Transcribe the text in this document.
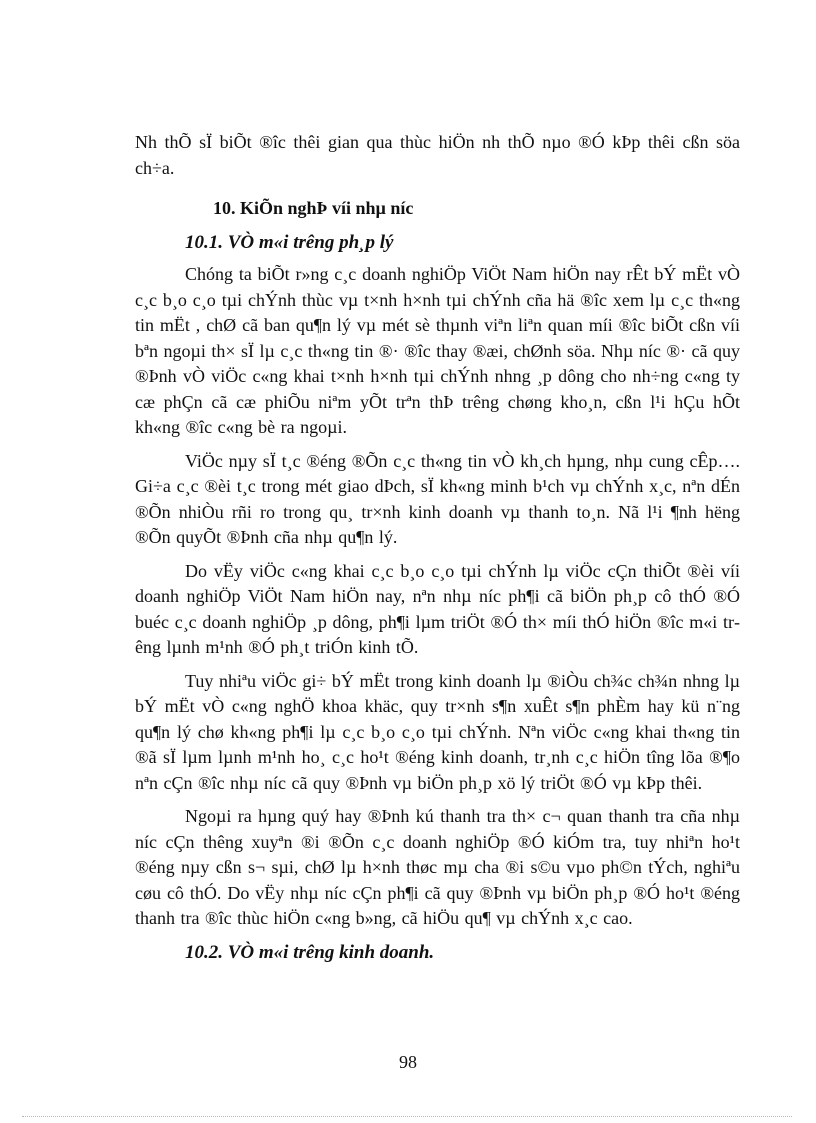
Nh thÕ sÏ biÕt ®îc thêi gian qua thùc hiÖn nh thÕ nµo ®Ó kÞp thêi cßn söa ch÷a.

10. KiÕn nghÞ víi nhµ níc

10.1. VÒ m«i trêng ph¸p lý

Chóng ta biÕt r»ng c¸c doanh nghiÖp ViÖt Nam hiÖn nay rÊt bÝ mËt vÒ c¸c b¸o c¸o tµi chÝnh thùc vµ t×nh h×nh tµi chÝnh cña hä ®îc xem lµ c¸c th«ng tin mËt , chØ cã ban qu¶n lý vµ mét sè thµnh viªn liªn quan míi ®îc biÕt cßn víi bªn ngoµi th× sÏ lµ c¸c th«ng tin ®· ®îc thay ®æi, chØnh söa. Nhµ níc ®· cã quy ®Þnh vÒ viÖc c«ng khai t×nh h×nh tµi chÝnh nhng ¸p dông cho nh÷ng c«ng ty cæ phÇn cã cæ phiÕu niªm yÕt trªn thÞ trêng chøng kho¸n, cßn l¹i hÇu hÕt kh«ng ®îc c«ng bè ra ngoµi.

ViÖc nµy sÏ t¸c ®éng ®Õn c¸c th«ng tin vÒ kh¸ch hµng, nhµ cung cÊp…. Gi÷a c¸c ®èi t¸c trong mét giao dÞch, sÏ kh«ng minh b¹ch vµ chÝnh x¸c, nªn dÉn ®Õn nhiÒu rñi ro trong qu¸ tr×nh kinh doanh vµ thanh to¸n. Nã l¹i ¶nh hëng ®Õn quyÕt ®Þnh cña nhµ qu¶n lý.

Do vËy viÖc c«ng khai c¸c b¸o c¸o tµi chÝnh lµ viÖc cÇn thiÕt ®èi víi doanh nghiÖp ViÖt Nam hiÖn nay, nªn nhµ níc ph¶i cã biÖn ph¸p cô thÓ ®Ó buéc c¸c doanh nghiÖp ¸p dông, ph¶i lµm triÖt ®Ó th× míi thÓ hiÖn ®îc m«i trêng lµnh m¹nh ®Ó ph¸t triÓn kinh tÕ.

Tuy nhiªu viÖc gi÷ bÝ mËt trong kinh doanh lµ ®iÒu ch¾c ch¾n nhng lµ bÝ mËt vÒ c«ng nghÖ khoa khäc, quy tr×nh s¶n xuÊt s¶n phÈm hay kü n¨ng qu¶n lý chø kh«ng ph¶i lµ c¸c b¸o c¸o tµi chÝnh. Nªn viÖc c«ng khai th«ng tin ®ã sÏ lµm lµnh m¹nh ho¸ c¸c ho¹t ®éng kinh doanh, tr¸nh c¸c hiÖn tîng lõa ®¶o nªn cÇn ®îc nhµ níc cã quy ®Þnh vµ biÖn ph¸p xö lý triÖt ®Ó vµ kÞp thêi.

Ngoµi ra hµng quý hay ®Þnh kú thanh tra th× c¬ quan thanh tra cña nhµ níc cÇn thêng xuyªn ®i ®Õn c¸c doanh nghiÖp ®Ó kiÓm tra, tuy nhiªn ho¹t ®éng nµy cßn s¬ sµi, chØ lµ h×nh thøc mµ cha ®i s©u vµo ph©n tÝch, nghiªu cøu cô thÓ. Do vËy nhµ níc cÇn ph¶i cã quy ®Þnh vµ biÖn ph¸p ®Ó ho¹t ®éng thanh tra ®îc thùc hiÖn c«ng b»ng, cã hiÖu qu¶ vµ chÝnh x¸c cao.

10.2. VÒ m«i trêng kinh doanh.

98
